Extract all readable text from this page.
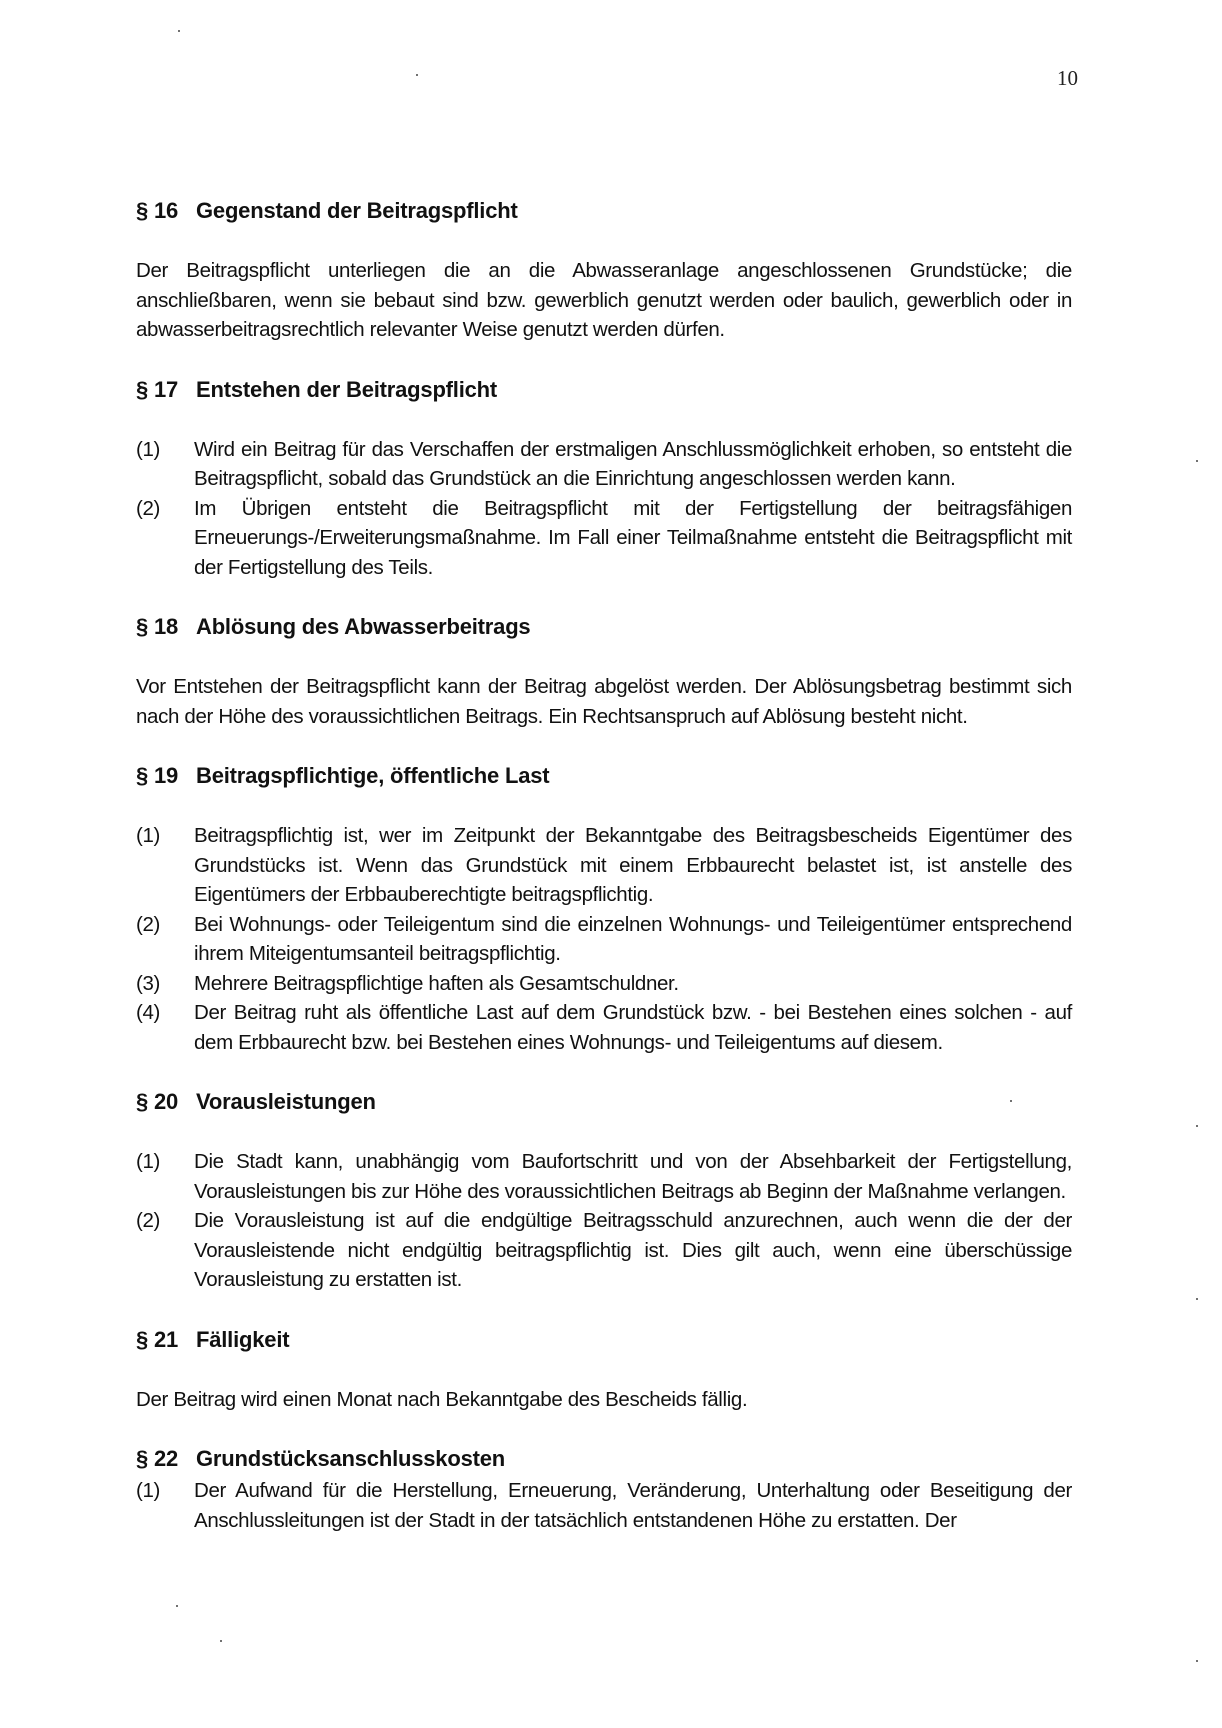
10
§ 16 Gegenstand der Beitragspflicht
Der Beitragspflicht unterliegen die an die Abwasseranlage angeschlossenen Grundstücke; die anschließbaren, wenn sie bebaut sind bzw. gewerblich genutzt werden oder baulich, gewerblich oder in abwasserbeitragsrechtlich relevanter Weise genutzt werden dürfen.
§ 17 Entstehen der Beitragspflicht
(1)	Wird ein Beitrag für das Verschaffen der erstmaligen Anschlussmöglichkeit erhoben, so entsteht die Beitragspflicht, sobald das Grundstück an die Einrichtung angeschlossen werden kann.
(2)	Im Übrigen entsteht die Beitragspflicht mit der Fertigstellung der beitragsfähigen Erneuerungs-/Erweiterungsmaßnahme. Im Fall einer Teilmaßnahme entsteht die Beitragspflicht mit der Fertigstellung des Teils.
§ 18 Ablösung des Abwasserbeitrags
Vor Entstehen der Beitragspflicht kann der Beitrag abgelöst werden. Der Ablösungsbetrag bestimmt sich nach der Höhe des voraussichtlichen Beitrags. Ein Rechtsanspruch auf Ablösung besteht nicht.
§ 19 Beitragspflichtige, öffentliche Last
(1)	Beitragspflichtig ist, wer im Zeitpunkt der Bekanntgabe des Beitragsbescheids Eigentümer des Grundstücks ist. Wenn das Grundstück mit einem Erbbaurecht belastet ist, ist anstelle des Eigentümers der Erbbauberechtigte beitragspflichtig.
(2)	Bei Wohnungs- oder Teileigentum sind die einzelnen Wohnungs- und Teileigentümer entsprechend ihrem Miteigentumsanteil beitragspflichtig.
(3)	Mehrere Beitragspflichtige haften als Gesamtschuldner.
(4)	Der Beitrag ruht als öffentliche Last auf dem Grundstück bzw. - bei Bestehen eines solchen - auf dem Erbbaurecht bzw. bei Bestehen eines Wohnungs- und Teileigentums auf diesem.
§ 20 Vorausleistungen
(1)	Die Stadt kann, unabhängig vom Baufortschritt und von der Absehbarkeit der Fertigstellung, Vorausleistungen bis zur Höhe des voraussichtlichen Beitrags ab Beginn der Maßnahme verlangen.
(2)	Die Vorausleistung ist auf die endgültige Beitragsschuld anzurechnen, auch wenn die der der Vorausleistende nicht endgültig beitragspflichtig ist. Dies gilt auch, wenn eine überschüssige Vorausleistung zu erstatten ist.
§ 21 Fälligkeit
Der Beitrag wird einen Monat nach Bekanntgabe des Bescheids fällig.
§ 22 Grundstücksanschlusskosten
(1)	Der Aufwand für die Herstellung, Erneuerung, Veränderung, Unterhaltung oder Beseitigung der Anschlussleitungen ist der Stadt in der tatsächlich entstandenen Höhe zu erstatten. Der
